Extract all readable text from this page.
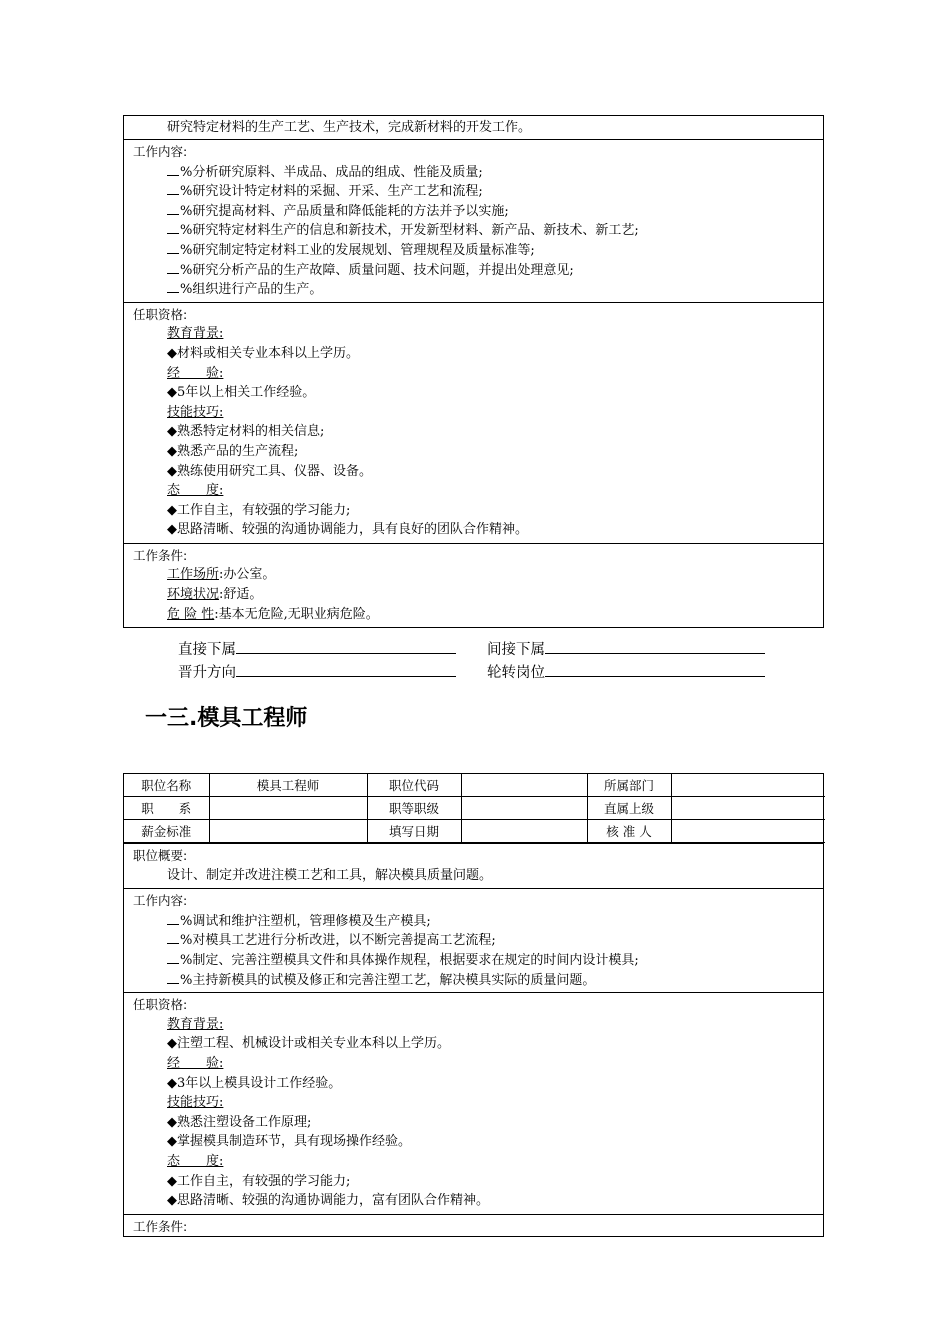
研究特定材料的生产工艺、生产技术，完成新材料的开发工作。
工作内容:
%分析研究原料、半成品、成品的组成、性能及质量;
%研究设计特定材料的采掘、开采、生产工艺和流程;
%研究提高材料、产品质量和降低能耗的方法并予以实施;
%研究特定材料生产的信息和新技术，开发新型材料、新产品、新技术、新工艺;
%研究制定特定材料工业的发展规划、管理规程及质量标准等;
%研究分析产品的生产故障、质量问题、技术问题，并提出处理意见;
%组织进行产品的生产。
任职资格:
教育背景:
◆材料或相关专业本科以上学历。
经　　验:
◆5年以上相关工作经验。
技能技巧:
◆熟悉特定材料的相关信息;
◆熟悉产品的生产流程;
◆熟练使用研究工具、仪器、设备。
态　　度:
◆工作自主，有较强的学习能力;
◆思路清晰、较强的沟通协调能力，具有良好的团队合作精神。
工作条件:
工作场所:办公室。
环境状况:舒适。
危 险 性:基本无危险,无职业病危险。
直接下属	间接下属
晋升方向	轮转岗位
一三.模具工程师
职位名称	模具工程师	职位代码		所属部门	
职　　系		职等职级		直属上级	
薪金标准		填写日期		核 准 人	
职位概要:
设计、制定并改进注模工艺和工具，解决模具质量问题。
工作内容:
%调试和维护注塑机，管理修模及生产模具;
%对模具工艺进行分析改进，以不断完善提高工艺流程;
%制定、完善注塑模具文件和具体操作规程，根据要求在规定的时间内设计模具;
%主持新模具的试模及修正和完善注塑工艺，解决模具实际的质量问题。
任职资格:
教育背景:
◆注塑工程、机械设计或相关专业本科以上学历。
经　　验:
◆3年以上模具设计工作经验。
技能技巧:
◆熟悉注塑设备工作原理;
◆掌握模具制造环节，具有现场操作经验。
态　　度:
◆工作自主，有较强的学习能力;
◆思路清晰、较强的沟通协调能力，富有团队合作精神。
工作条件:
